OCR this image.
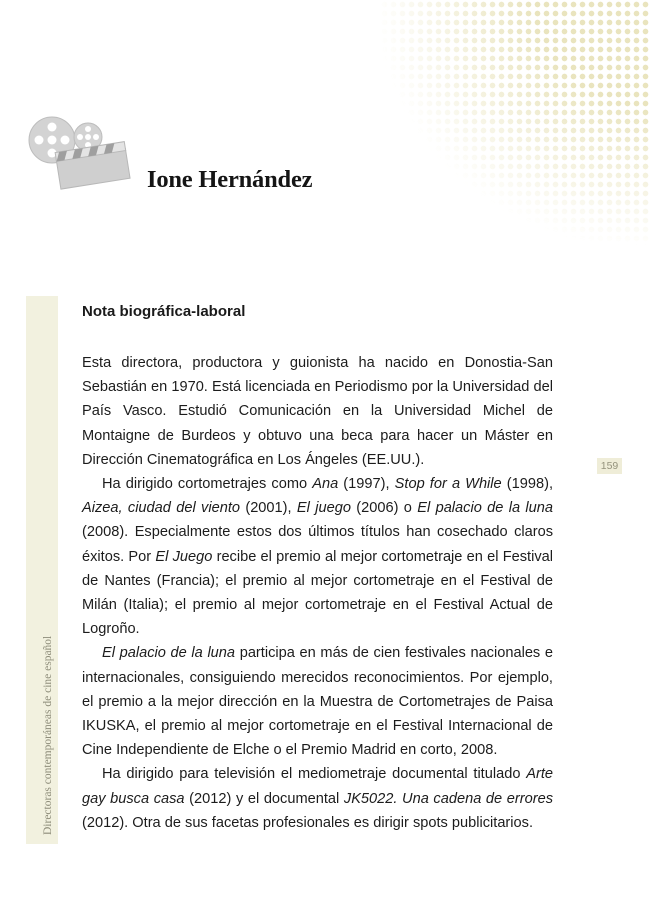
Ione Hernández
Directoras contemporáneas de cine español
159
Nota biográfica-laboral

Esta directora, productora y guionista ha nacido en Donostia-San Sebastián en 1970. Está licenciada en Periodismo por la Universidad del País Vasco. Estudió Comunicación en la Universidad Michel de Montaigne de Burdeos y obtuvo una beca para hacer un Máster en Dirección Cinematográfica en Los Ángeles (EE.UU.).

Ha dirigido cortometrajes como Ana (1997), Stop for a While (1998), Aizea, ciudad del viento (2001), El juego (2006) o El palacio de la luna (2008). Especialmente estos dos últimos títulos han cosechado claros éxitos. Por El Juego recibe el premio al mejor cortometraje en el Festival de Nantes (Francia); el premio al mejor cortometraje en el Festival de Milán (Italia); el premio al mejor cortometraje en el Festival Actual de Logroño.

El palacio de la luna participa en más de cien festivales nacionales e internacionales, consiguiendo merecidos reconocimientos. Por ejemplo, el premio a la mejor dirección en la Muestra de Cortometrajes de Paisa IKUSKA, el premio al mejor cortometraje en el Festival Internacional de Cine Independiente de Elche o el Premio Madrid en corto, 2008.

Ha dirigido para televisión el mediometraje documental titulado Arte gay busca casa (2012) y el documental JK5022. Una cadena de errores (2012). Otra de sus facetas profesionales es dirigir spots publicitarios.
